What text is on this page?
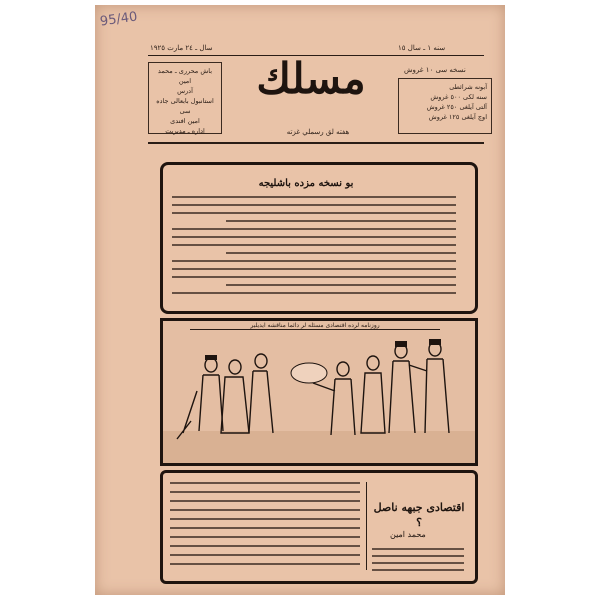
95/40
سال ـ ٢٤ مارت ١٩٢٥	سنه ١ ـ سال ١٥
باش محرری ـ محمد امين
آدرس
استانبول بابعالى جاده سى
امين افندى
اداره ـ مديريت
مسلك
هفته لق رسملي غزته
نسخه سى ١٠ غروش
آبونه شرائطى
سنه لكى ٥٠٠ غروش
آلتى آيلغى ٢٥٠ غروش
اوچ آيلغى ١٢٥ غروش
بو نسخه مزده باشليجه
روزنامه لرده اقتصادی مسئله لر دائما مناقشه ایدیلیر
اقتصادى جبهه ناصل ؟
محمد امين
